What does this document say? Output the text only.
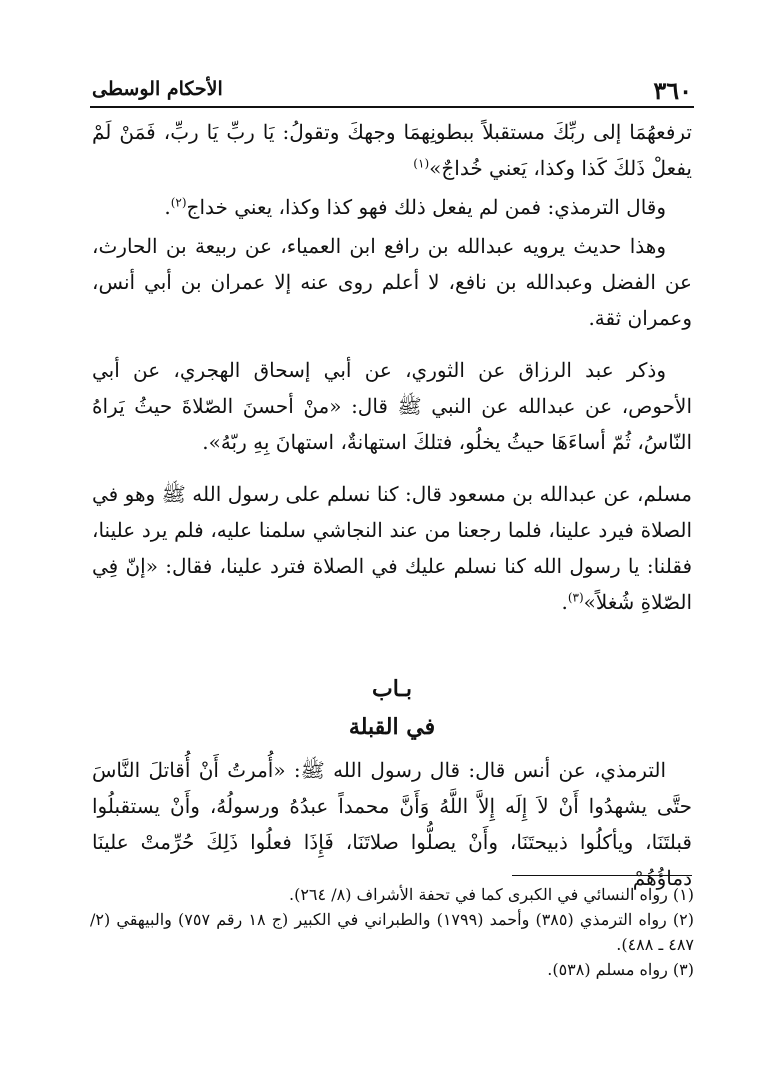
٣٦٠
الأحكام الوسطى

ترفعهُمَا إلى ربِّكَ مستقبلاً ببطونِهمَا وجهكَ وتقولُ: يَا ربِّ يَا ربِّ، فَمَنْ لَمْ يفعلْ ذَلكَ كَذا وكذا، يَعني خُداجٌ»$^{(١)}$

وقال الترمذي: فمن لم يفعل ذلك فهو كذا وكذا، يعني خداج$^{(٢)}$.

وهذا حديث يرويه عبدالله بن رافع ابن العمياء، عن ربيعة بن الحارث، عن الفضل وعبدالله بن نافع، لا أعلم روى عنه إلا عمران بن أبي أنس، وعمران ثقة.

وذكر عبد الرزاق عن الثوري، عن أبي إسحاق الهجري، عن أبي الأحوص، عن عبدالله عن النبي ﷺ قال: «منْ أحسنَ الصّلاةَ حيثُ يَراهُ النّاسُ، ثُمّ أساءَهَا حيثُ يخلُو، فتلكَ استهانةٌ، استهانَ بِهِ ربّهُ».

مسلم، عن عبدالله بن مسعود قال: كنا نسلم على رسول الله ﷺ وهو في الصلاة فيرد علينا، فلما رجعنا من عند النجاشي سلمنا عليه، فلم يرد علينا، فقلنا: يا رسول الله كنا نسلم عليك في الصلاة فترد علينا، فقال: «إنّ فِي الصّلاةِ شُغلاً»$^{(٣)}$.

بـاب
في القبلة

الترمذي، عن أنس قال: قال رسول الله ﷺ: «أُمرتُ أَنْ أُقاتلَ النَّاسَ حتَّى يشهدُوا أَنْ لاَ إِلَه إِلاَّ اللَّهُ وَأَنَّ محمداً عبدُهُ ورسولُهُ، وأَنْ يستقبلُوا قبلتَنَا، ويأكلُوا ذبيحتَنَا، وأَنْ يصلُّوا صلاتَنَا، فَإِذَا فعلُوا ذَلِكَ حُرِّمتْ علينَا دماؤُهُمْ

(١) رواه النسائي في الكبرى كما في تحفة الأشراف (٨/ ٢٦٤).

(٢) رواه الترمذي (٣٨٥) وأحمد (١٧٩٩) والطبراني في الكبير (ج ١٨ رقم ٧٥٧) والبيهقي (٢/ ٤٨٧ ـ ٤٨٨).

(٣) رواه مسلم (٥٣٨).
